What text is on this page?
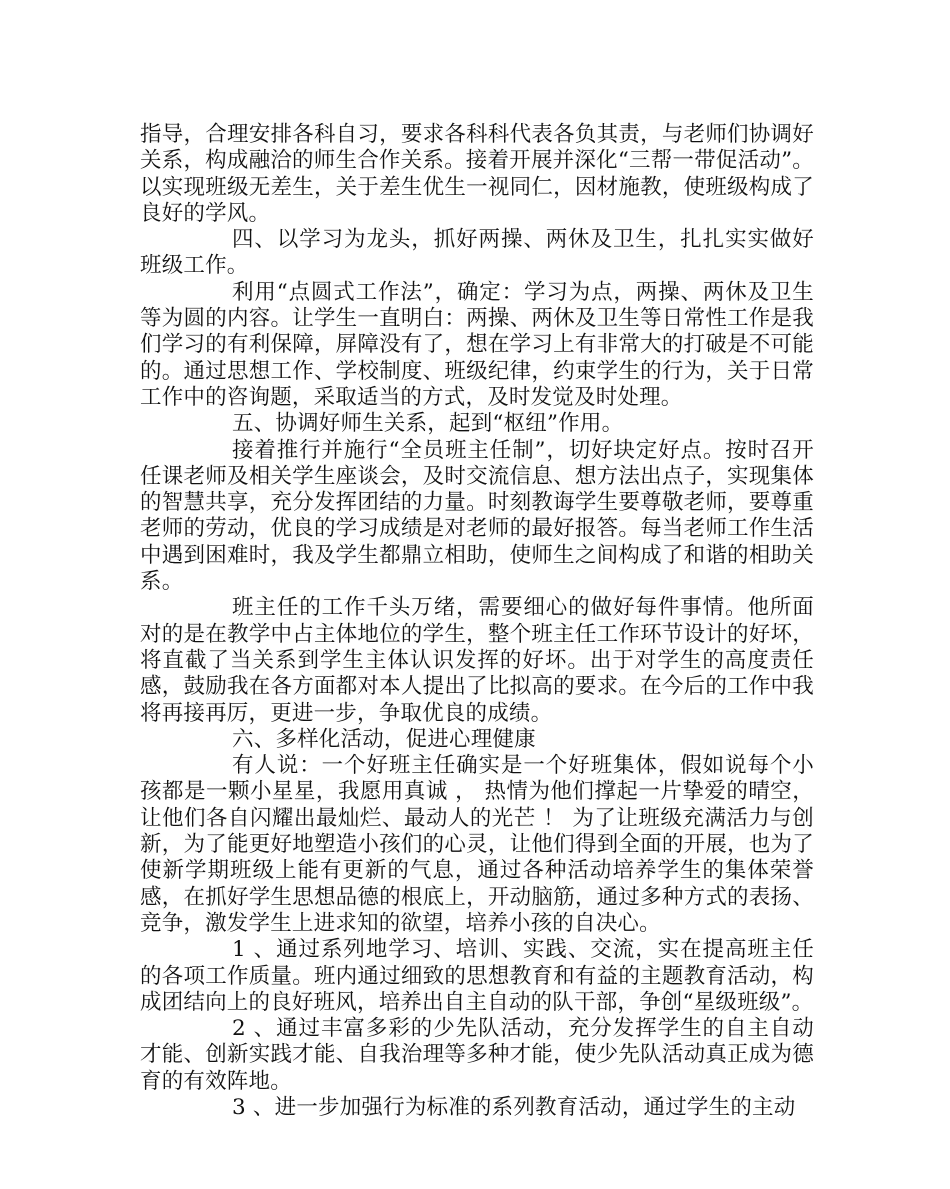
指导，合理安排各科自习，要求各科科代表各负其责，与老师们协调好关系，构成融洽的师生合作关系。接着开展并深化“三帮一带促活动”。以实现班级无差生，关于差生优生一视同仁，因材施教，使班级构成了良好的学风。

四、以学习为龙头，抓好两操、两休及卫生，扎扎实实做好班级工作。

利用“点圆式工作法”，确定：学习为点，两操、两休及卫生等为圆的内容。让学生一直明白：两操、两休及卫生等日常性工作是我们学习的有利保障，屏障没有了，想在学习上有非常大的打破是不可能的。通过思想工作、学校制度、班级纪律，约束学生的行为，关于日常工作中的咨询题，采取适当的方式，及时发觉及时处理。

五、协调好师生关系，起到“枢纽”作用。

接着推行并施行“全员班主任制”，切好块定好点。按时召开任课老师及相关学生座谈会，及时交流信息、想方法出点子，实现集体的智慧共享，充分发挥团结的力量。时刻教诲学生要尊敬老师，要尊重老师的劳动，优良的学习成绩是对老师的最好报答。每当老师工作生活中遇到困难时，我及学生都鼎立相助，使师生之间构成了和谐的相助关系。

班主任的工作千头万绪，需要细心的做好每件事情。他所面对的是在教学中占主体地位的学生，整个班主任工作环节设计的好坏，将直截了当关系到学生主体认识发挥的好坏。出于对学生的高度责任感，鼓励我在各方面都对本人提出了比拟高的要求。在今后的工作中我将再接再厉，更进一步，争取优良的成绩。

六、多样化活动，促进心理健康

有人说：一个好班主任确实是一个好班集体，假如说每个小孩都是一颗小星星，我愿用真诚 ， 热情为他们撑起一片挚爱的晴空，让他们各自闪耀出最灿烂、最动人的光芒 ！ 为了让班级充满活力与创新，为了能更好地塑造小孩们的心灵，让他们得到全面的开展，也为了使新学期班级上能有更新的气息，通过各种活动培养学生的集体荣誉感，在抓好学生思想品德的根底上，开动脑筋，通过多种方式的表扬、竞争，激发学生上进求知的欲望，培养小孩的自决心。

1 、通过系列地学习、培训、实践、交流，实在提高班主任的各项工作质量。班内通过细致的思想教育和有益的主题教育活动，构成团结向上的良好班风，培养出自主自动的队干部，争创“星级班级”。

2 、通过丰富多彩的少先队活动，充分发挥学生的自主自动才能、创新实践才能、自我治理等多种才能，使少先队活动真正成为德育的有效阵地。

3 、进一步加强行为标准的系列教育活动，通过学生的主动
